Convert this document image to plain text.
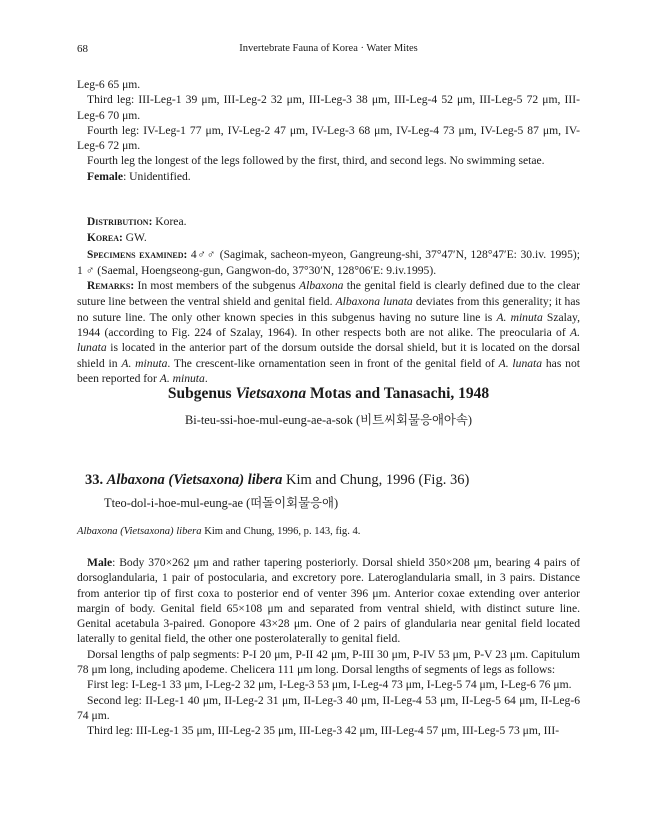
68	Invertebrate Fauna of Korea · Water Mites

Leg-6 65 μm.

Third leg: III-Leg-1 39 μm, III-Leg-2 32 μm, III-Leg-3 38 μm, III-Leg-4 52 μm, III-Leg-5 72 μm, III-Leg-6 70 μm.

Fourth leg: IV-Leg-1 77 μm, IV-Leg-2 47 μm, IV-Leg-3 68 μm, IV-Leg-4 73 μm, IV-Leg-5 87 μm, IV-Leg-6 72 μm.

Fourth leg the longest of the legs followed by the first, third, and second legs. No swimming setae.

Female: Unidentified.

Distribution: Korea.

Korea: GW.

Specimens examined: 4♂♂ (Sagimak, sacheon-myeon, Gangreung-shi, 37°47′N, 128°47′E: 30.iv. 1995); 1 ♂ (Saemal, Hoengseong-gun, Gangwon-do, 37°30′N, 128°06′E: 9.iv.1995).

Remarks: In most members of the subgenus Albaxona the genital field is clearly defined due to the clear suture line between the ventral shield and genital field. Albaxona lunata deviates from this generality; it has no suture line. The only other known species in this subgenus having no suture line is A. minuta Szalay, 1944 (according to Fig. 224 of Szalay, 1964). In other respects both are not alike. The preocularia of A. lunata is located in the anterior part of the dorsum outside the dorsal shield, but it is located on the dorsal shield in A. minuta. The crescent-like ornamentation seen in front of the genital field of A. lunata has not been reported for A. minuta.

Subgenus Vietsaxona Motas and Tanasachi, 1948
Bi-teu-ssi-hoe-mul-eung-ae-a-sok (비트씨회물응애아속)
33. Albaxona (Vietsaxona) libera Kim and Chung, 1996 (Fig. 36)
Tteo-dol-i-hoe-mul-eung-ae (떠돌이회물응애)
Albaxona (Vietsaxona) libera Kim and Chung, 1996, p. 143, fig. 4.

Male: Body 370×262 μm and rather tapering posteriorly. Dorsal shield 350×208 μm, bearing 4 pairs of dorsoglandularia, 1 pair of postocularia, and excretory pore. Lateroglandularia small, in 3 pairs. Distance from anterior tip of first coxa to posterior end of venter 396 μm. Anterior coxae extending over anterior margin of body. Genital field 65×108 μm and separated from ventral shield, with distinct suture line. Genital acetabula 3-paired. Gonopore 43×28 μm. One of 2 pairs of glandularia near genital field located laterally to genital field, the other one posterolaterally to genital field.

Dorsal lengths of palp segments: P-I 20 μm, P-II 42 μm, P-III 30 μm, P-IV 53 μm, P-V 23 μm. Capitulum 78 μm long, including apodeme. Chelicera 111 μm long. Dorsal lengths of segments of legs as follows:

First leg: I-Leg-1 33 μm, I-Leg-2 32 μm, I-Leg-3 53 μm, I-Leg-4 73 μm, I-Leg-5 74 μm, I-Leg-6 76 μm.

Second leg: II-Leg-1 40 μm, II-Leg-2 31 μm, II-Leg-3 40 μm, II-Leg-4 53 μm, II-Leg-5 64 μm, II-Leg-6 74 μm.

Third leg: III-Leg-1 35 μm, III-Leg-2 35 μm, III-Leg-3 42 μm, III-Leg-4 57 μm, III-Leg-5 73 μm, III-
